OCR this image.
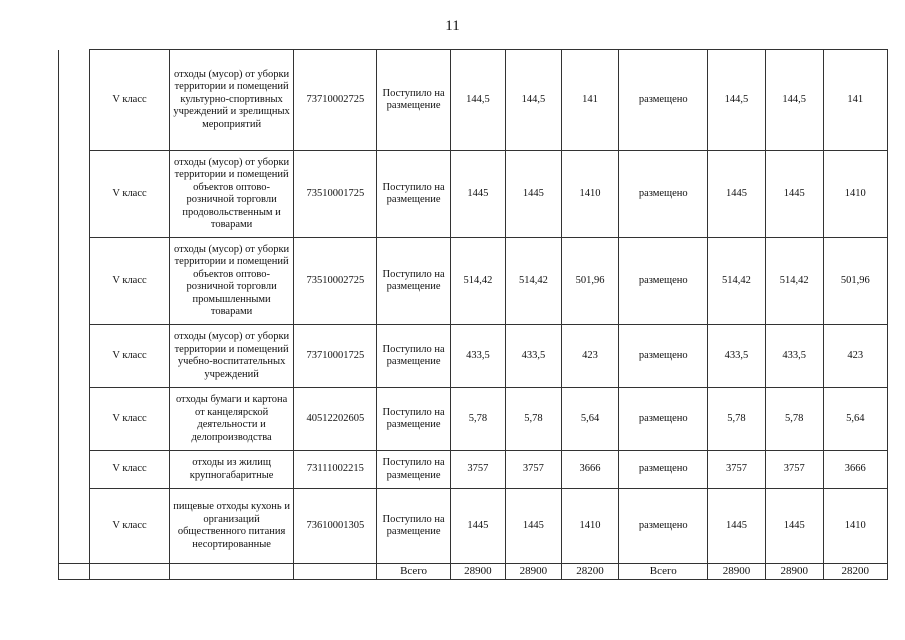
11
	V класс	отходы (мусор) от уборки территории и помещений культурно-спортивных учреждений и зрелищных мероприятий	73710002725	Поступило на размещение	144,5	144,5	141	размещено	144,5	144,5	141
	V класс	отходы (мусор) от уборки территории и помещений объектов оптово-розничной торговли продовольственным и товарами	73510001725	Поступило на размещение	1445	1445	1410	размещено	1445	1445	1410
	V класс	отходы (мусор) от уборки территории и помещений объектов оптово-розничной торговли промышленными товарами	73510002725	Поступило на размещение	514,42	514,42	501,96	размещено	514,42	514,42	501,96
	V класс	отходы (мусор) от уборки территории и помещений учебно-воспитательных учреждений	73710001725	Поступило на размещение	433,5	433,5	423	размещено	433,5	433,5	423
	V класс	отходы бумаги и картона от канцелярской деятельности и делопроизводства	40512202605	Поступило на размещение	5,78	5,78	5,64	размещено	5,78	5,78	5,64
	V класс	отходы из жилищ крупногабаритные	73111002215	Поступило на размещение	3757	3757	3666	размещено	3757	3757	3666
	V класс	пищевые отходы кухонь и организаций общественного питания несортированные	73610001305	Поступило на размещение	1445	1445	1410	размещено	1445	1445	1410
				Всего	28900	28900	28200	Всего	28900	28900	28200
